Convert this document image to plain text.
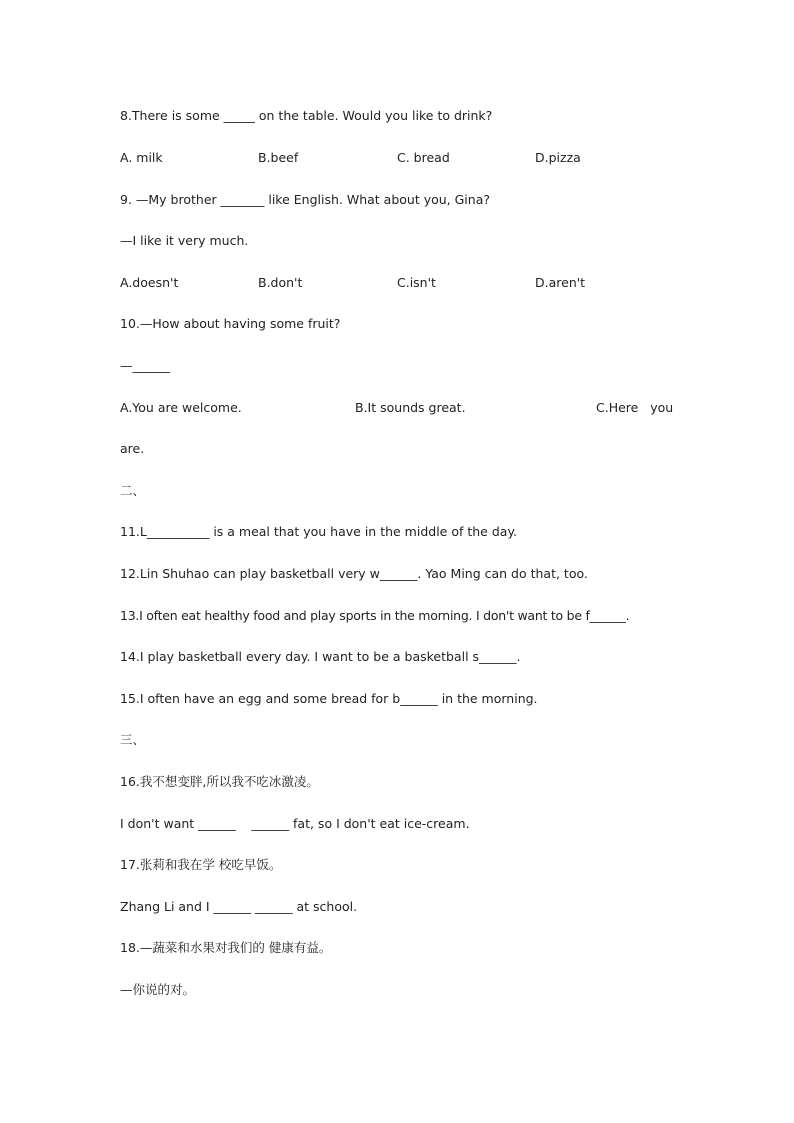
8.There is some _____ on the table. Would you like to drink?
A. milk	B.beef	C. bread	D.pizza
9. —My brother _______ like English. What about you, Gina?
—I like it very much.
A.doesn't	B.don't	C.isn't	D.aren't
10.—How about having some fruit?
—______
A.You are welcome.	B.It sounds great.	C.Here   you
are.
二、
11.L__________ is a meal that you have in the middle of the day.
12.Lin Shuhao can play basketball very w______. Yao Ming can do that, too.
13.I often eat healthy food and play sports in the morning. I don't want to be f______.
14.I play basketball every day. I want to be a basketball s______.
15.I often have an egg and some bread for b______ in the morning.
三、
16.我不想变胖,所以我不吃冰激凌。
I don't want ______    ______ fat, so I don't eat ice-cream.
17.张莉和我在学 校吃早饭。
Zhang Li and I ______ ______ at school.
18.—蔬菜和水果对我们的 健康有益。
—你说的对。
